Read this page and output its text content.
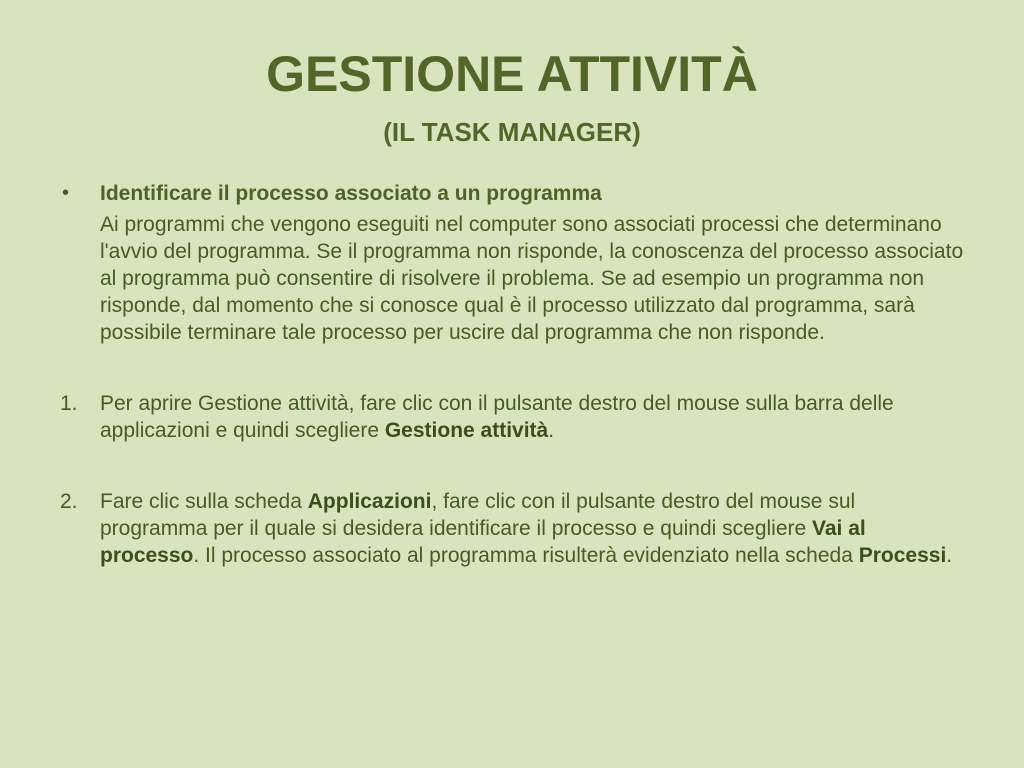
GESTIONE ATTIVITÀ
(IL TASK MANAGER)
•	Identificare il processo associato a un programma
Ai programmi che vengono eseguiti nel computer sono associati processi che determinano l'avvio del programma. Se il programma non risponde, la conoscenza del processo associato al programma può consentire di risolvere il problema. Se ad esempio un programma non risponde, dal momento che si conosce qual è il processo utilizzato dal programma, sarà possibile terminare tale processo per uscire dal programma che non risponde.
1.	Per aprire Gestione attività, fare clic con il pulsante destro del mouse sulla barra delle applicazioni e quindi scegliere Gestione attività.
2.	Fare clic sulla scheda Applicazioni, fare clic con il pulsante destro del mouse sul programma per il quale si desidera identificare il processo e quindi scegliere Vai al processo. Il processo associato al programma risulterà evidenziato nella scheda Processi.
